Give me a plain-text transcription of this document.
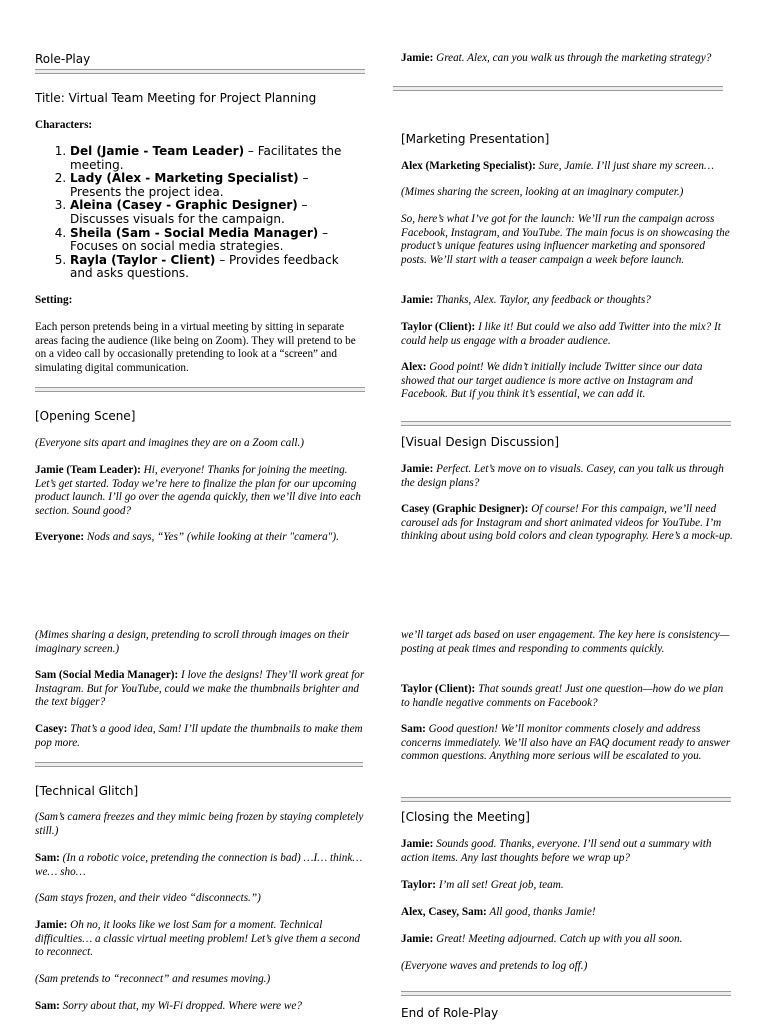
Role-Play
Title: Virtual Team Meeting for Project Planning

Characters:

1. Del (Jamie - Team Leader) – Facilitates the meeting.
2. Lady (Alex - Marketing Specialist) – Presents the project idea.
3. Aleina (Casey - Graphic Designer) – Discusses visuals for the campaign.
4. Sheila (Sam - Social Media Manager) – Focuses on social media strategies.
5. Rayla (Taylor - Client) – Provides feedback and asks questions.

Setting:

Each person pretends being in a virtual meeting by sitting in separate areas facing the audience (like being on Zoom). They will pretend to be on a video call by occasionally pretending to look at a “screen” and simulating digital communication.

[Opening Scene]

(Everyone sits apart and imagines they are on a Zoom call.)

Jamie (Team Leader): Hi, everyone! Thanks for joining the meeting. Let’s get started. Today we’re here to finalize the plan for our upcoming product launch. I’ll go over the agenda quickly, then we’ll dive into each section. Sound good?

Everyone: Nods and says, “Yes” (while looking at their "camera").

Jamie: Great. Alex, can you walk us through the marketing strategy?

[Marketing Presentation]

Alex (Marketing Specialist): Sure, Jamie. I’ll just share my screen…

(Mimes sharing the screen, looking at an imaginary computer.)

So, here’s what I’ve got for the launch: We’ll run the campaign across Facebook, Instagram, and YouTube. The main focus is on showcasing the product’s unique features using influencer marketing and sponsored posts. We’ll start with a teaser campaign a week before launch.

Jamie: Thanks, Alex. Taylor, any feedback or thoughts?

Taylor (Client): I like it! But could we also add Twitter into the mix? It could help us engage with a broader audience.

Alex: Good point! We didn’t initially include Twitter since our data showed that our target audience is more active on Instagram and Facebook. But if you think it’s essential, we can add it.

[Visual Design Discussion]

Jamie: Perfect. Let’s move on to visuals. Casey, can you talk us through the design plans?

Casey (Graphic Designer): Of course! For this campaign, we’ll need carousel ads for Instagram and short animated videos for YouTube. I’m thinking about using bold colors and clean typography. Here’s a mock-up.

(Mimes sharing a design, pretending to scroll through images on their imaginary screen.)

Sam (Social Media Manager): I love the designs! They’ll work great for Instagram. But for YouTube, could we make the thumbnails brighter and the text bigger?

Casey: That’s a good idea, Sam! I’ll update the thumbnails to make them pop more.

[Technical Glitch]

(Sam’s camera freezes and they mimic being frozen by staying completely still.)

Sam: (In a robotic voice, pretending the connection is bad) …I… think… we… sho…

(Sam stays frozen, and their video “disconnects.”)

Jamie: Oh no, it looks like we lost Sam for a moment. Technical difficulties… a classic virtual meeting problem! Let’s give them a second to reconnect.

(Sam pretends to “reconnect” and resumes moving.)

Sam: Sorry about that, my Wi-Fi dropped. Where were we?

we’ll target ads based on user engagement. The key here is consistency—posting at peak times and responding to comments quickly.

Taylor (Client): That sounds great! Just one question—how do we plan to handle negative comments on Facebook?

Sam: Good question! We’ll monitor comments closely and address concerns immediately. We’ll also have an FAQ document ready to answer common questions. Anything more serious will be escalated to you.

[Closing the Meeting]

Jamie: Sounds good. Thanks, everyone. I’ll send out a summary with action items. Any last thoughts before we wrap up?

Taylor: I’m all set! Great job, team.

Alex, Casey, Sam: All good, thanks Jamie!

Jamie: Great! Meeting adjourned. Catch up with you all soon.

(Everyone waves and pretends to log off.)

End of Role-Play
